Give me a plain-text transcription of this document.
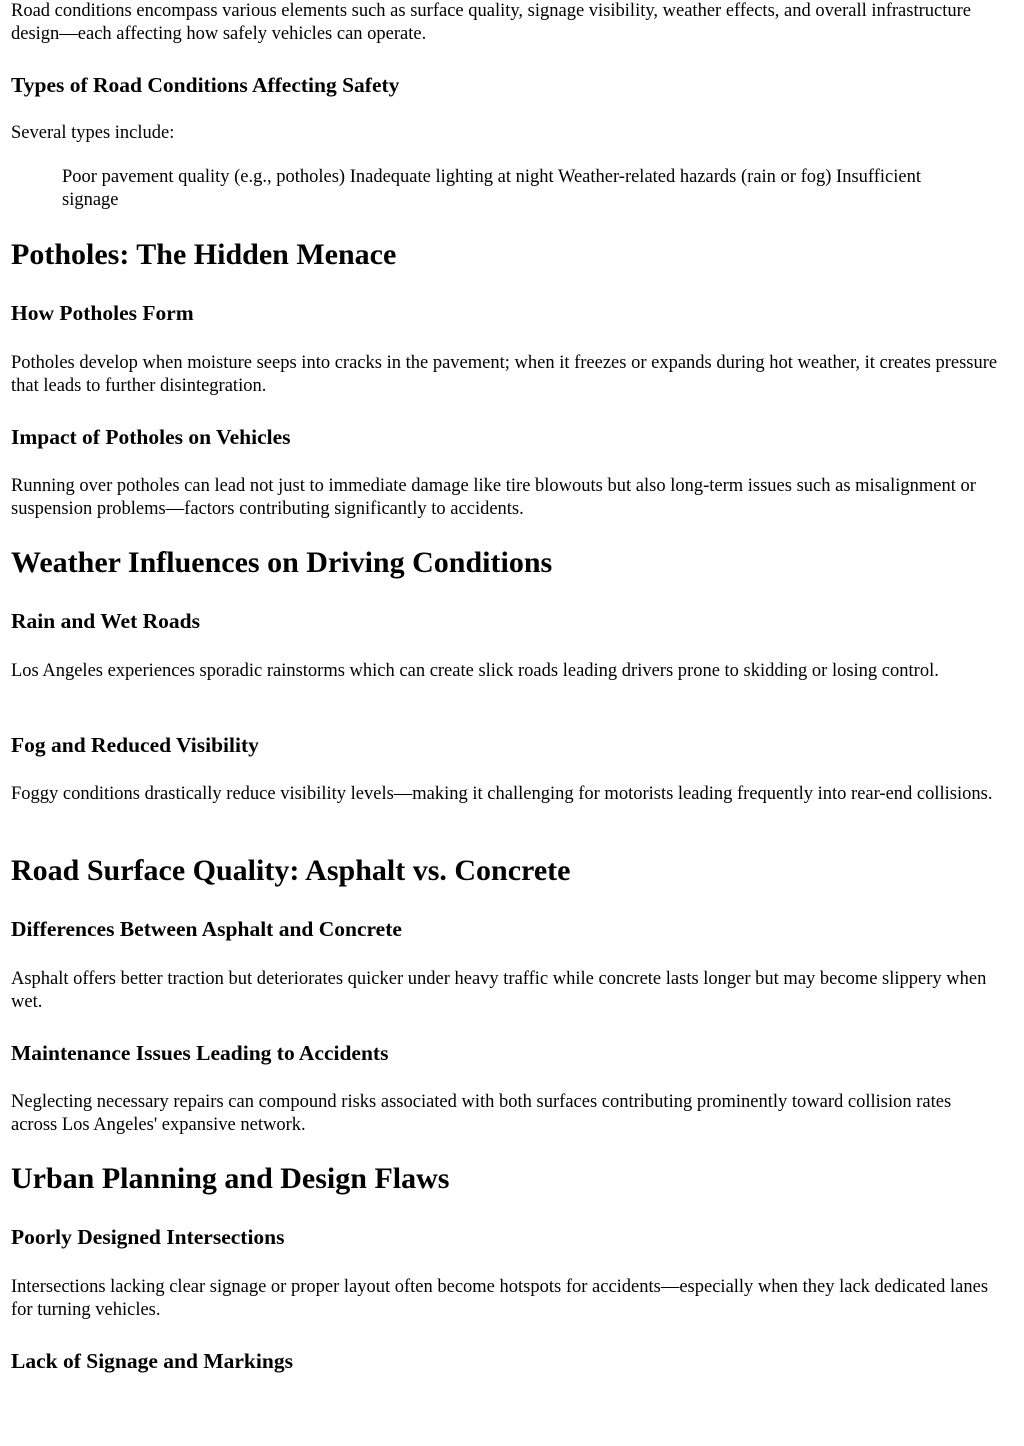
Road conditions encompass various elements such as surface quality, signage visibility, weather effects, and overall infrastructure design—each affecting how safely vehicles can operate.

Types of Road Conditions Affecting Safety

Several types include:

Poor pavement quality (e.g., potholes) Inadequate lighting at night Weather-related hazards (rain or fog) Insufficient signage
Potholes: The Hidden Menace
How Potholes Form

Potholes develop when moisture seeps into cracks in the pavement; when it freezes or expands during hot weather, it creates pressure that leads to further disintegration.

Impact of Potholes on Vehicles

Running over potholes can lead not just to immediate damage like tire blowouts but also long-term issues such as misalignment or suspension problems—factors contributing significantly to accidents.

Weather Influences on Driving Conditions
Rain and Wet Roads

Los Angeles experiences sporadic rainstorms which can create slick roads leading drivers prone to skidding or losing control.

Fog and Reduced Visibility

Foggy conditions drastically reduce visibility levels—making it challenging for motorists leading frequently into rear-end collisions.

Road Surface Quality: Asphalt vs. Concrete
Differences Between Asphalt and Concrete

Asphalt offers better traction but deteriorates quicker under heavy traffic while concrete lasts longer but may become slippery when wet.

Maintenance Issues Leading to Accidents

Neglecting necessary repairs can compound risks associated with both surfaces contributing prominently toward collision rates across Los Angeles' expansive network.

Urban Planning and Design Flaws
Poorly Designed Intersections

Intersections lacking clear signage or proper layout often become hotspots for accidents—especially when they lack dedicated lanes for turning vehicles.

Lack of Signage and Markings
